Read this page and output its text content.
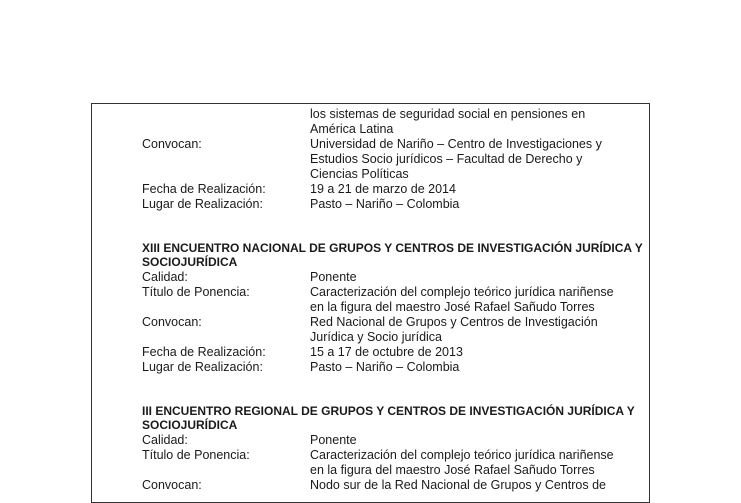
los sistemas de seguridad social en pensiones en
América Latina
Convocan:	Universidad de Nariño – Centro de Investigaciones y
Estudios Socio jurídicos – Facultad de Derecho y
Ciencias Políticas
Fecha de Realización:	19 a 21 de marzo de 2014
Lugar de Realización:	Pasto – Nariño – Colombia
XIII ENCUENTRO NACIONAL DE GRUPOS Y CENTROS DE INVESTIGACIÓN JURÍDICA Y
SOCIOJURÍDICA
Calidad:	Ponente
Título de Ponencia:	Caracterización del complejo teórico jurídica nariñense
en la figura del maestro José Rafael Sañudo Torres
Convocan:	Red Nacional de Grupos y Centros de Investigación
Jurídica y Socio jurídica
Fecha de Realización:	15 a 17 de octubre de 2013
Lugar de Realización:	Pasto – Nariño – Colombia
III ENCUENTRO REGIONAL DE GRUPOS Y CENTROS DE INVESTIGACIÓN JURÍDICA Y
SOCIOJURÍDICA
Calidad:	Ponente
Título de Ponencia:	Caracterización del complejo teórico jurídica nariñense
en la figura del maestro José Rafael Sañudo Torres
Convocan:	Nodo sur de la Red Nacional de Grupos y Centros de
